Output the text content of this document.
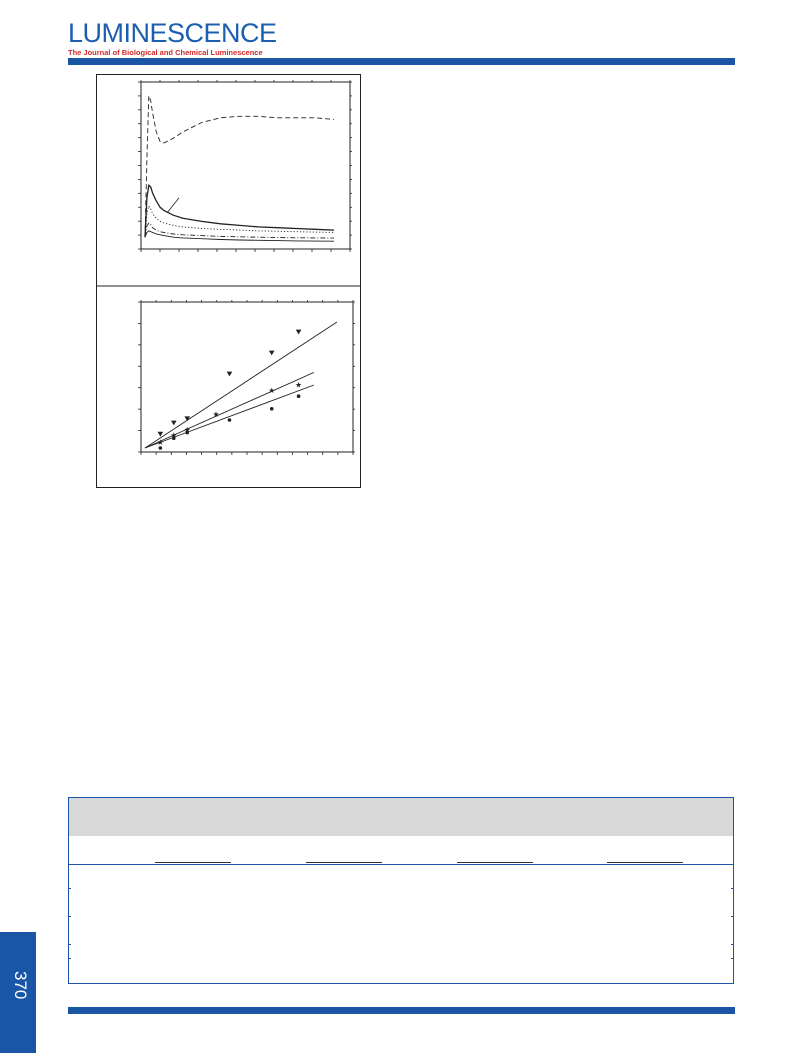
LUMINESCENCE
The Journal of Biological and Chemical Luminescence
370
